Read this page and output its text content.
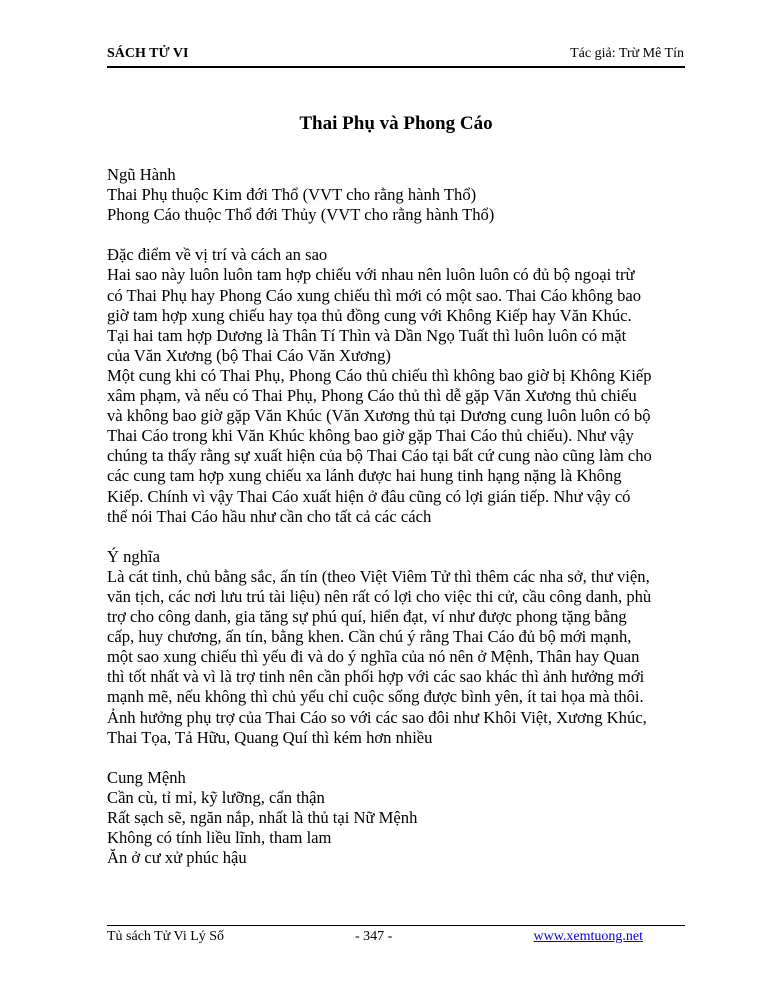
SÁCH TỬ VI	Tác giả: Trừ Mê Tín
Thai Phụ và Phong Cáo
Ngũ Hành
Thai Phụ thuộc Kim đới Thổ (VVT cho rằng hành Thổ)
Phong Cáo thuộc Thổ đới Thủy (VVT cho rằng hành Thổ)
Đặc điểm về vị trí và cách an sao
Hai sao này luôn luôn tam hợp chiếu với nhau nên luôn luôn có đủ bộ ngoại trừ
có Thai Phụ hay Phong Cáo xung chiếu thì mới có một sao. Thai Cáo không bao
giờ tam hợp xung chiếu hay tọa thủ đồng cung với Không Kiếp hay Văn Khúc.
Tại hai tam hợp Dương là Thân Tí Thìn và Dần Ngọ Tuất thì luôn luôn có mặt
của Văn Xương (bộ Thai Cáo Văn Xương)
Một cung khi có Thai Phụ, Phong Cáo thủ chiếu thì không bao giờ bị Không Kiếp
xâm phạm, và nếu có Thai Phụ, Phong Cáo thủ thì dễ gặp Văn Xương thủ chiếu
và không bao giờ gặp Văn Khúc (Văn Xương thủ tại Dương cung luôn luôn có bộ
Thai Cáo trong khi Văn Khúc không bao giờ gặp Thai Cáo thủ chiếu). Như vậy
chúng ta thấy rằng sự xuất hiện của bộ Thai Cáo tại bất cứ cung nào cũng làm cho
các cung tam hợp xung chiếu xa lánh được hai hung tinh hạng nặng là Không
Kiếp. Chính vì vậy Thai Cáo xuất hiện ở đâu cũng có lợi gián tiếp. Như vậy có
thể nói Thai Cáo hầu như cần cho tất cả các cách
Ý nghĩa
Là cát tinh, chủ bằng sắc, ấn tín (theo Việt Viêm Tử thì thêm các nha sở, thư viện,
văn tịch, các nơi lưu trú tài liệu) nên rất có lợi cho việc thi cử, cầu công danh, phù
trợ cho công danh, gia tăng sự phú quí, hiển đạt, ví như được phong tặng bằng
cấp, huy chương, ấn tín, bằng khen. Cần chú ý rằng Thai Cáo đủ bộ mới mạnh,
một sao xung chiếu thì yếu đi và do ý nghĩa của nó nên ở Mệnh, Thân hay Quan
thì tốt nhất và vì là trợ tinh nên cần phối hợp với các sao khác thì ảnh hưởng mới
mạnh mẽ, nếu không thì chủ yếu chỉ cuộc sống được bình yên, ít tai họa mà thôi.
Ảnh hưởng phụ trợ của Thai Cáo so với các sao đôi như Khôi Việt, Xương Khúc,
Thai Tọa, Tả Hữu, Quang Quí thì kém hơn nhiều
Cung Mệnh
Cần cù, tỉ mỉ, kỹ lưỡng, cẩn thận
Rất sạch sẽ, ngăn nắp, nhất là thủ tại Nữ Mệnh
Không có tính liều lĩnh, tham lam
Ăn ở cư xử phúc hậu
Tủ sách Tử Vi Lý Số	- 347 -	www.xemtuong.net
